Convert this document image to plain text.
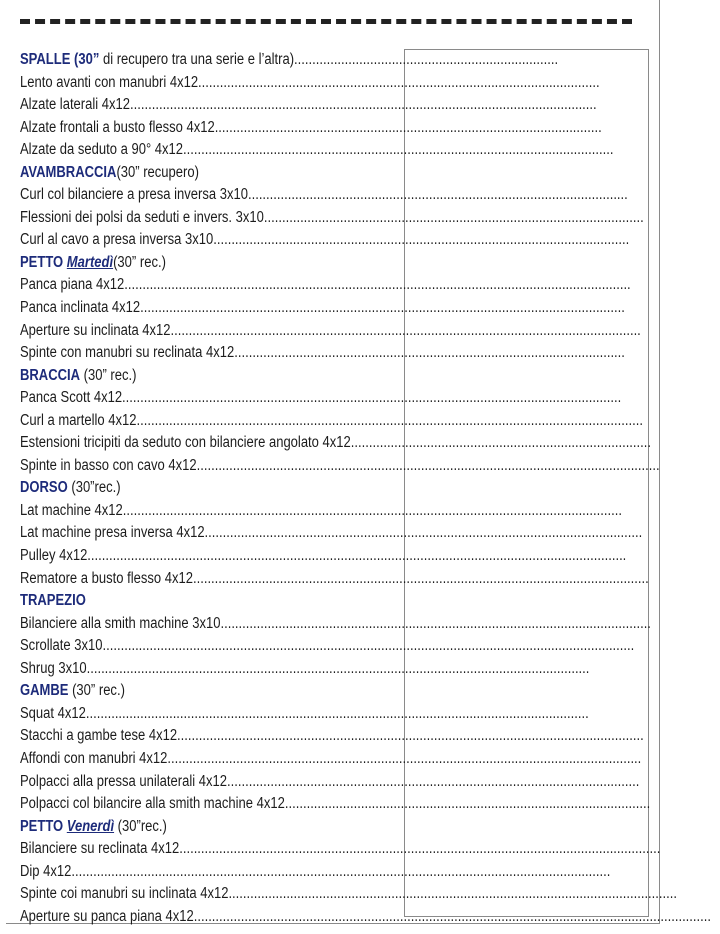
SPALLE (30” di recupero tra una serie e l’altra).........................................................................
Lento avanti con manubri 4x12...............................................................................................................
Alzate laterali 4x12.................................................................................................................................
Alzate frontali a busto flesso 4x12...........................................................................................................
Alzate da seduto a 90° 4x12.......................................................................................................................
AVAMBRACCIA(30” recupero)
Curl col bilanciere a presa inversa 3x10.........................................................................................................
Flessioni dei polsi da seduti e invers. 3x10.........................................................................................................
Curl al cavo a presa inversa 3x10...................................................................................................................
PETTO Martedì(30” rec.)
Panca piana 4x12............................................................................................................................................
Panca inclinata 4x12......................................................................................................................................
Aperture su inclinata 4x12..................................................................................................................................
Spinte con manubri su reclinata 4x12............................................................................................................
BRACCIA (30” rec.)
Panca Scott 4x12..........................................................................................................................................
Curl a martello 4x12............................................................................................................................................
Estensioni tricipiti da seduto con bilanciere angolato 4x12...................................................................................
Spinte in basso con cavo 4x12................................................................................................................................
DORSO (30”rec.)
Lat machine 4x12..........................................................................................................................................
Lat machine presa inversa 4x12.........................................................................................................................
Pulley 4x12.....................................................................................................................................................
Rematore a busto flesso 4x12..............................................................................................................................
TRAPEZIO
Bilanciere alla smith machine 3x10.......................................................................................................................
Scrollate 3x10...................................................................................................................................................
Shrug 3x10...........................................................................................................................................
GAMBE (30” rec.)
Squat 4x12...........................................................................................................................................
Stacchi a gambe tese 4x12.................................................................................................................................
Affondi con manubri 4x12...................................................................................................................................
Polpacci alla pressa unilaterali 4x12..................................................................................................................
Polpacci col bilancire alla smith machine 4x12.....................................................................................................
PETTO Venerdì (30”rec.)
Bilanciere su reclinata 4x12.....................................................................................................................................
Dip 4x12.....................................................................................................................................................
Spinte coi manubri su inclinata 4x12............................................................................................................................
Aperture su panca piana 4x12...............................................................................................................................................
